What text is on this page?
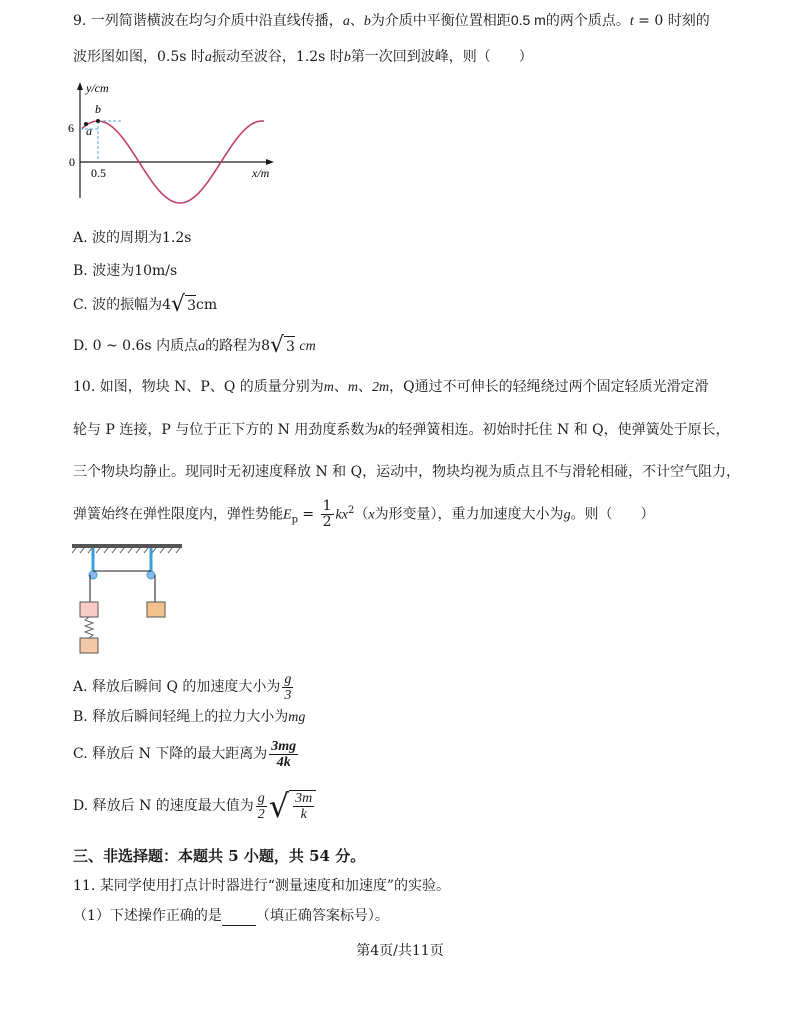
9. 一列简谐横波在均匀介质中沿直线传播，a、b为介质中平衡位置相距0.5 m的两个质点。t = 0 时刻的
波形图如图，0.5s 时a振动至波谷，1.2s 时b第一次回到波峰，则（　　）
y/cm
b
a
6
0
0.5	x/m
A. 波的周期为1.2s
B. 波速为10m/s
C. 波的振幅为4 √ 3 cm
D. 0 ~ 0.6s 内质点a的路程为8 √ 3 cm
10. 如图，物块 N、P、Q 的质量分别为m、m、2m，Q通过不可伸长的轻绳绕过两个固定轻质光滑定滑
轮与 P 连接，P 与位于正下方的 N 用劲度系数为k的轻弹簧相连。初始时托住 N 和 Q，使弹簧处于原长，
三个物块均静止。现同时无初速度释放 N 和 Q，运动中，物块均视为质点且不与滑轮相碰，不计空气阻力，
弹簧始终在弹性限度内，弹性势能$E_p = \frac{1}{2} kx^2(x$为形变量），重力加速度大小为g。则（　　）
A. 释放后瞬间 Q 的加速度大小为 $\frac{g}{3}$
B. 释放后瞬间轻绳上的拉力大小为mg
C. 释放后 N 下降的最大距离为 $\frac{3mg}{4k}$
D. 释放后 N 的速度最大值为 $\frac{g}{2}$ √ $\frac{3m}{k}$
三、非选择题：本题共 5 小题，共 54 分。
11. 某同学使用打点计时器进行“测量速度和加速度”的实验。
（1）下述操作正确的是 （填正确答案标号）。
第4页/共11页
